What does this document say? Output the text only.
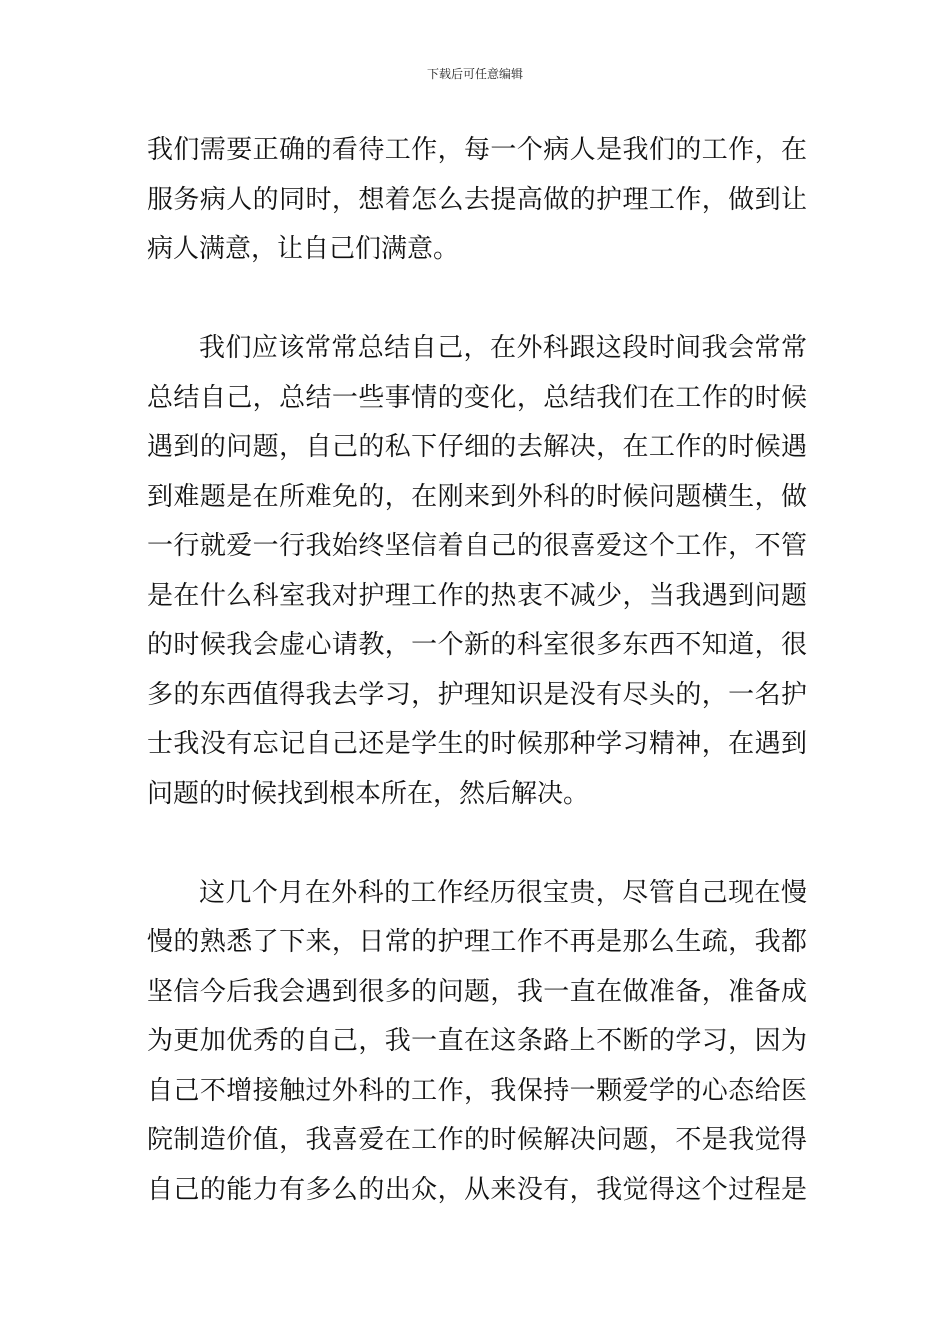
下载后可任意编辑

我们需要正确的看待工作，每一个病人是我们的工作，在
服务病人的同时，想着怎么去提高做的护理工作，做到让
病人满意，让自己们满意。

我们应该常常总结自己，在外科跟这段时间我会常常
总结自己，总结一些事情的变化，总结我们在工作的时候
遇到的问题，自己的私下仔细的去解决，在工作的时候遇
到难题是在所难免的，在刚来到外科的时候问题横生，做
一行就爱一行我始终坚信着自己的很喜爱这个工作，不管
是在什么科室我对护理工作的热衷不减少，当我遇到问题
的时候我会虚心请教，一个新的科室很多东西不知道，很
多的东西值得我去学习，护理知识是没有尽头的，一名护
士我没有忘记自己还是学生的时候那种学习精神，在遇到
问题的时候找到根本所在，然后解决。

这几个月在外科的工作经历很宝贵，尽管自己现在慢
慢的熟悉了下来，日常的护理工作不再是那么生疏，我都
坚信今后我会遇到很多的问题，我一直在做准备，准备成
为更加优秀的自己，我一直在这条路上不断的学习，因为
自己不增接触过外科的工作，我保持一颗爱学的心态给医
院制造价值，我喜爱在工作的时候解决问题，不是我觉得
自己的能力有多么的出众，从来没有，我觉得这个过程是
